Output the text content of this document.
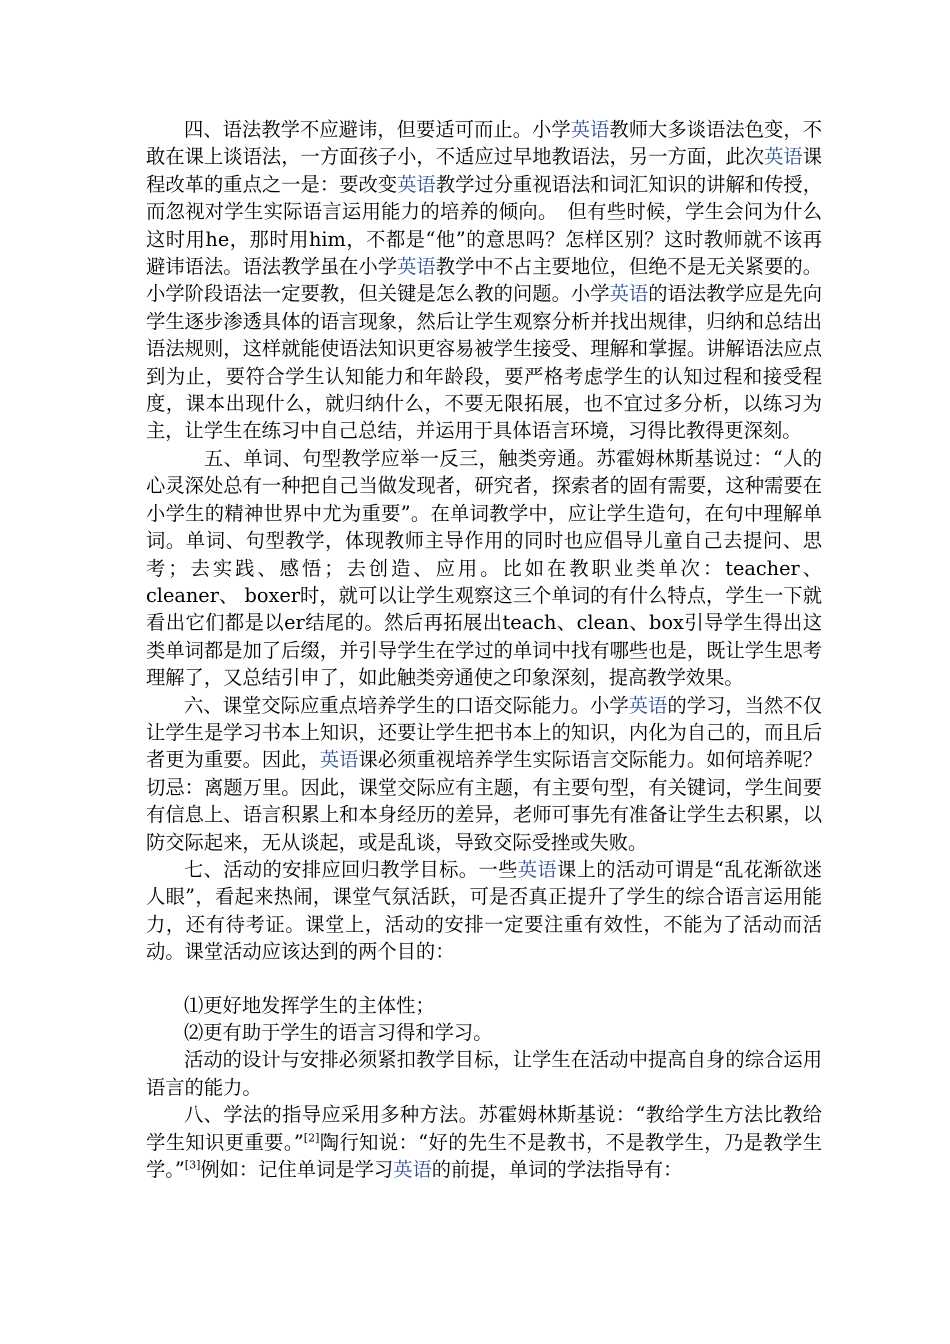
四、语法教学不应避讳，但要适可而止。小学英语教师大多谈语法色变，不敢在课上谈语法，一方面孩子小，不适应过早地教语法，另一方面，此次英语课程改革的重点之一是：要改变英语教学过分重视语法和词汇知识的讲解和传授，而忽视对学生实际语言运用能力的培养的倾向。　但有些时候，学生会问为什么这时用he，那时用him，不都是“他”的意思吗？怎样区别？这时教师就不该再避讳语法。语法教学虽在小学英语教学中不占主要地位，但绝不是无关紧要的。小学阶段语法一定要教，但关键是怎么教的问题。小学英语的语法教学应是先向学生逐步渗透具体的语言现象，然后让学生观察分析并找出规律，归纳和总结出语法规则，这样就能使语法知识更容易被学生接受、理解和掌握。讲解语法应点到为止，要符合学生认知能力和年龄段，要严格考虑学生的认知过程和接受程度，课本出现什么，就归纳什么，不要无限拓展，也不宜过多分析，以练习为主，让学生在练习中自己总结，并运用于具体语言环境，习得比教得更深刻。

五、单词、句型教学应举一反三，触类旁通。苏霍姆林斯基说过：“人的心灵深处总有一种把自己当做发现者，研究者，探索者的固有需要，这种需要在小学生的精神世界中尤为重要”。在单词教学中，应让学生造句，在句中理解单词。单词、句型教学，体现教师主导作用的同时也应倡导儿童自己去提问、思考；去实践、感悟；去创造、应用。比如在教职业类单次：teacher、 cleaner、 boxer时，就可以让学生观察这三个单词的有什么特点，学生一下就看出它们都是以er结尾的。然后再拓展出teach、clean、box引导学生得出这类单词都是加了后缀，并引导学生在学过的单词中找有哪些也是，既让学生思考理解了，又总结引申了，如此触类旁通使之印象深刻，提高教学效果。

六、课堂交际应重点培养学生的口语交际能力。小学英语的学习，当然不仅让学生是学习书本上知识，还要让学生把书本上的知识，内化为自己的，而且后者更为重要。因此，英语课必须重视培养学生实际语言交际能力。如何培养呢？切忌：离题万里。因此，课堂交际应有主题，有主要句型，有关键词，学生间要有信息上、语言积累上和本身经历的差异，老师可事先有准备让学生去积累，以防交际起来，无从谈起，或是乱谈，导致交际受挫或失败。

七、活动的安排应回归教学目标。一些英语课上的活动可谓是“乱花渐欲迷人眼”，看起来热闹，课堂气氛活跃，可是否真正提升了学生的综合语言运用能力，还有待考证。课堂上，活动的安排一定要注重有效性，不能为了活动而活动。课堂活动应该达到的两个目的：

⑴更好地发挥学生的主体性；

⑵更有助于学生的语言习得和学习。

活动的设计与安排必须紧扣教学目标，让学生在活动中提高自身的综合运用语言的能力。

八、学法的指导应采用多种方法。苏霍姆林斯基说：“教给学生方法比教给学生知识更重要。”[2]陶行知说：“好的先生不是教书，不是教学生，乃是教学生学。”[3]例如：记住单词是学习英语的前提，单词的学法指导有：
